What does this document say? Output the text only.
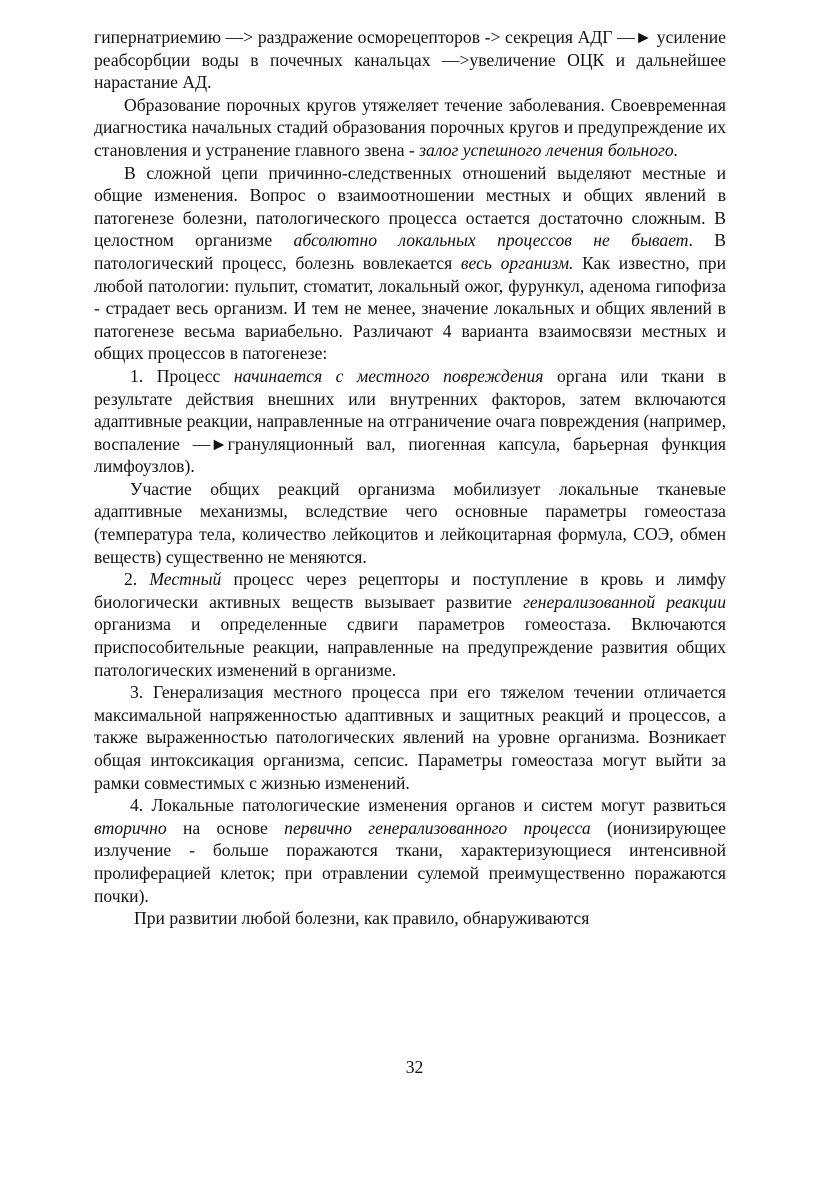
гипернатриемию —> раздражение осморецепторов -> секреция АДГ —► усиление реабсорбции воды в почечных канальцах —>увеличение ОЦК и дальнейшее нарастание АД.

Образование порочных кругов утяжеляет течение заболевания. Своевременная диагностика начальных стадий образования порочных кругов и предупреждение их становления и устранение главного звена - залог успешного лечения больного.

В сложной цепи причинно-следственных отношений выделяют местные и общие изменения. Вопрос о взаимоотношении местных и общих явлений в патогенезе болезни, патологического процесса остается достаточно сложным. В целостном организме абсолютно локальных процессов не бывает. В патологический процесс, болезнь вовлекается весь организм. Как известно, при любой патологии: пульпит, стоматит, локальный ожог, фурункул, аденома гипофиза - страдает весь организм. И тем не менее, значение локальных и общих явлений в патогенезе весьма вариабельно. Различают 4 варианта взаимосвязи местных и общих процессов в патогенезе:

1. Процесс начинается с местного повреждения органа или ткани в результате действия внешних или внутренних факторов, затем включаются адаптивные реакции, направленные на отграничение очага повреждения (например, воспаление —►грануляционный вал, пиогенная капсула, барьерная функция лимфоузлов).

Участие общих реакций организма мобилизует локальные тканевые адаптивные механизмы, вследствие чего основные параметры гомеостаза (температура тела, количество лейкоцитов и лейкоцитарная формула, СОЭ, обмен веществ) существенно не меняются.

2. Местный процесс через рецепторы и поступление в кровь и лимфу биологически активных веществ вызывает развитие генерализованной реакции организма и определенные сдвиги параметров гомеостаза. Включаются приспособительные реакции, направленные на предупреждение развития общих патологических изменений в организме.

3. Генерализация местного процесса при его тяжелом течении отличается максимальной напряженностью адаптивных и защитных реакций и процессов, а также выраженностью патологических явлений на уровне организма. Возникает общая интоксикация организма, сепсис. Параметры гомеостаза могут выйти за рамки совместимых с жизнью изменений.

4. Локальные патологические изменения органов и систем могут развиться вторично на основе первично генерализованного процесса (ионизирующее излучение - больше поражаются ткани, характеризующиеся интенсивной пролиферацией клеток; при отравлении сулемой преимущественно поражаются почки).

При развитии любой болезни, как правило, обнаруживаются

32
